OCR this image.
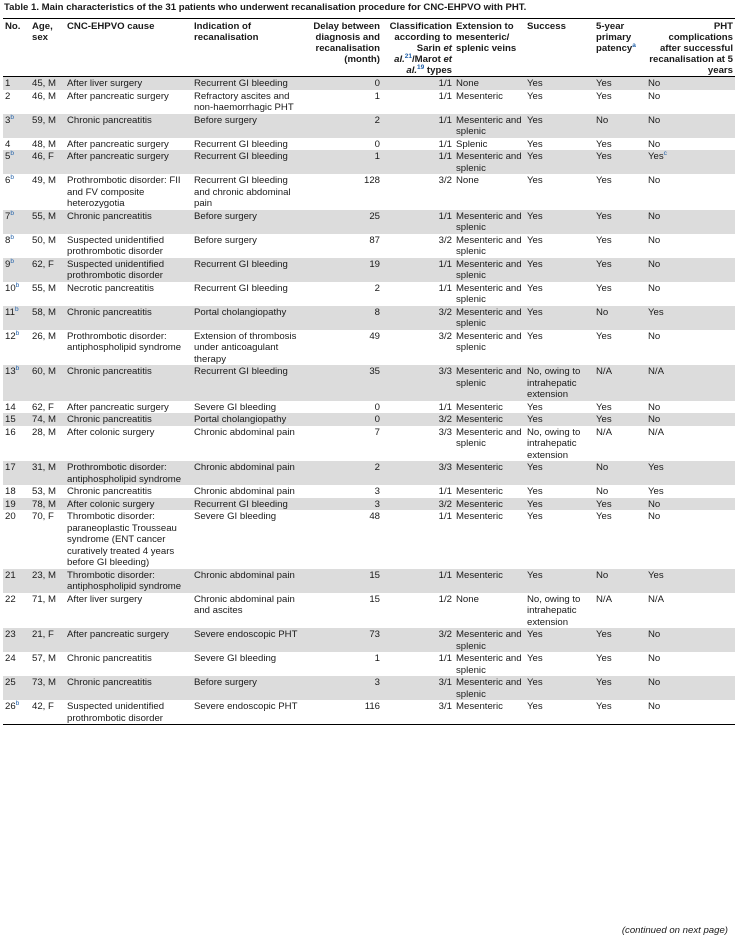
Table 1. Main characteristics of the 31 patients who underwent recanalisation procedure for CNC-EHPVO with PHT.
No.	Age, sex	CNC-EHPVO cause	Indication of recanalisation	Delay between diagnosis and recanalisation (month)	Classification according to Sarin et al.$^{21}$/Marot et al.$^{19}$ types	Extension to mesenteric/ splenic veins	Success	5-year primary patency$^a$	PHT complications after successful recanalisation at 5 years
1	45, M	After liver surgery	Recurrent GI bleeding	0	1/1	None	Yes	Yes	No
2	46, M	After pancreatic surgery	Refractory ascites and non-haemorrhagic PHT	1	1/1	Mesenteric	Yes	Yes	No
3$^b$	59, M	Chronic pancreatitis	Before surgery	2	1/1	Mesenteric and splenic	Yes	No	No
4	48, M	After pancreatic surgery	Recurrent GI bleeding	0	1/1	Splenic	Yes	Yes	No
5$^b$	46, F	After pancreatic surgery	Recurrent GI bleeding	1	1/1	Mesenteric and splenic	Yes	Yes	Yes$^c$
6$^b$	49, M	Prothrombotic disorder: FII and FV composite heterozygotia	Recurrent GI bleeding and chronic abdominal pain	128	3/2	None	Yes	Yes	No
7$^b$	55, M	Chronic pancreatitis	Before surgery	25	1/1	Mesenteric and splenic	Yes	Yes	No
8$^b$	50, M	Suspected unidentified prothrombotic disorder	Before surgery	87	3/2	Mesenteric and splenic	Yes	Yes	No
9$^b$	62, F	Suspected unidentified prothrombotic disorder	Recurrent GI bleeding	19	1/1	Mesenteric and splenic	Yes	Yes	No
10$^b$	55, M	Necrotic pancreatitis	Recurrent GI bleeding	2	1/1	Mesenteric and splenic	Yes	Yes	No
11$^b$	58, M	Chronic pancreatitis	Portal cholangiopathy	8	3/2	Mesenteric and splenic	Yes	No	Yes
12$^b$	26, M	Prothrombotic disorder: antiphospholipid syndrome	Extension of thrombosis under anticoagulant therapy	49	3/2	Mesenteric and splenic	Yes	Yes	No
13$^b$	60, M	Chronic pancreatitis	Recurrent GI bleeding	35	3/3	Mesenteric and splenic	No, owing to intrahepatic extension	N/A	N/A
14	62, F	After pancreatic surgery	Severe GI bleeding	0	1/1	Mesenteric	Yes	Yes	No
15	74, M	Chronic pancreatitis	Portal cholangiopathy	0	3/2	Mesenteric	Yes	Yes	No
16	28, M	After colonic surgery	Chronic abdominal pain	7	3/3	Mesenteric and splenic	No, owing to intrahepatic extension	N/A	N/A
17	31, M	Prothrombotic disorder: antiphospholipid syndrome	Chronic abdominal pain	2	3/3	Mesenteric	Yes	No	Yes
18	53, M	Chronic pancreatitis	Chronic abdominal pain	3	1/1	Mesenteric	Yes	No	Yes
19	78, M	After colonic surgery	Recurrent GI bleeding	3	3/2	Mesenteric	Yes	Yes	No
20	70, F	Thrombotic disorder: paraneoplastic Trousseau syndrome (ENT cancer curatively treated 4 years before GI bleeding)	Severe GI bleeding	48	1/1	Mesenteric	Yes	Yes	No
21	23, M	Thrombotic disorder: antiphospholipid syndrome	Chronic abdominal pain	15	1/1	Mesenteric	Yes	No	Yes
22	71, M	After liver surgery	Chronic abdominal pain and ascites	15	1/2	None	No, owing to intrahepatic extension	N/A	N/A
23	21, F	After pancreatic surgery	Severe endoscopic PHT	73	3/2	Mesenteric and splenic	Yes	Yes	No
24	57, M	Chronic pancreatitis	Severe GI bleeding	1	1/1	Mesenteric and splenic	Yes	Yes	No
25	73, M	Chronic pancreatitis	Before surgery	3	3/1	Mesenteric and splenic	Yes	Yes	No
26$^b$	42, F	Suspected unidentified prothrombotic disorder	Severe endoscopic PHT	116	3/1	Mesenteric	Yes	Yes	No
(continued on next page)
